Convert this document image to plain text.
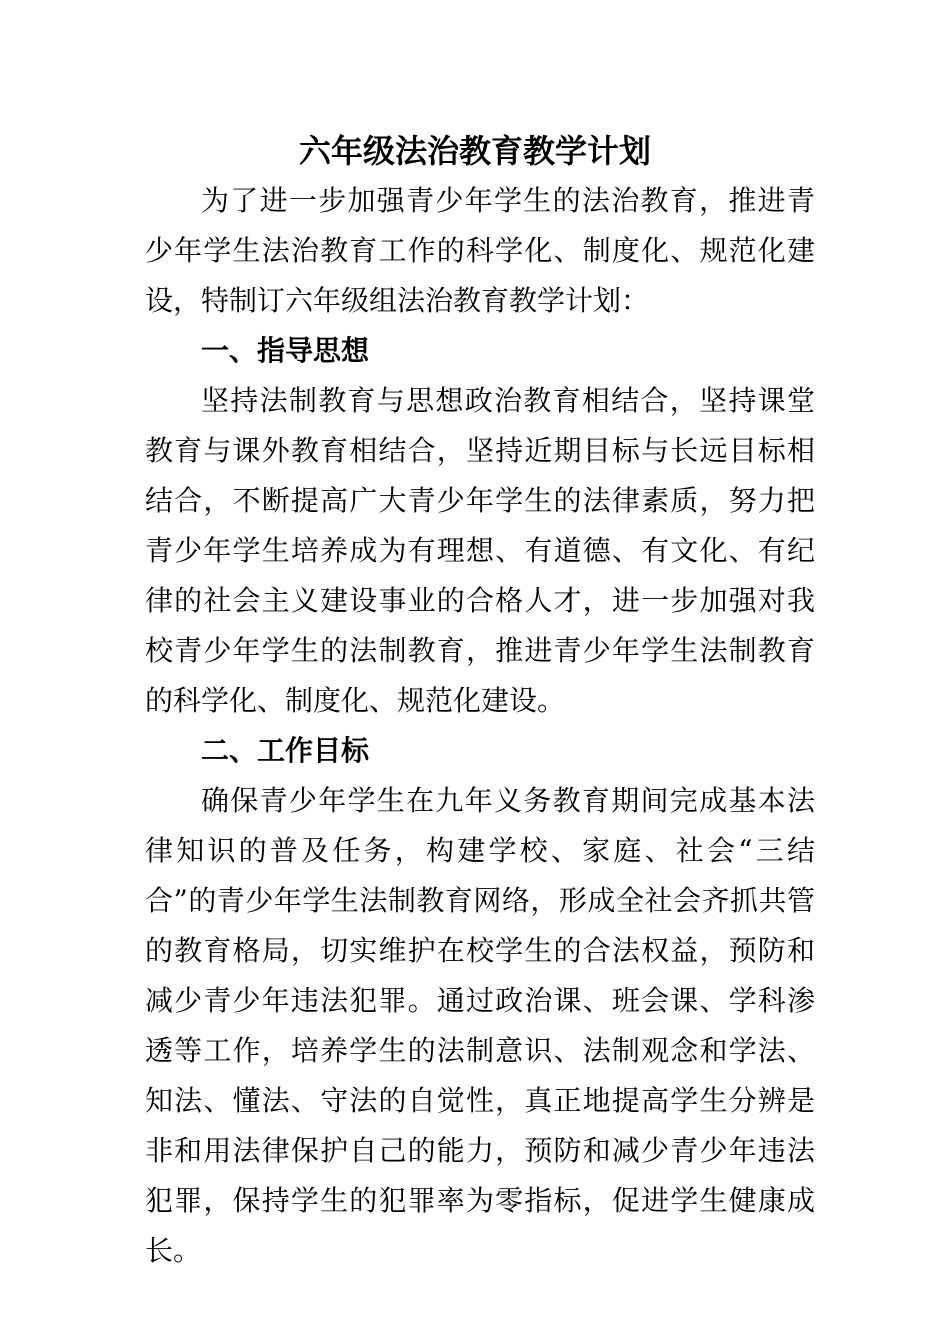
六年级法治教育教学计划

为了进一步加强青少年学生的法治教育，推进青少年学生法治教育工作的科学化、制度化、规范化建设，特制订六年级组法治教育教学计划：

一、指导思想

坚持法制教育与思想政治教育相结合，坚持课堂教育与课外教育相结合，坚持近期目标与长远目标相结合，不断提高广大青少年学生的法律素质，努力把青少年学生培养成为有理想、有道德、有文化、有纪律的社会主义建设事业的合格人才，进一步加强对我校青少年学生的法制教育，推进青少年学生法制教育的科学化、制度化、规范化建设。

二、工作目标

确保青少年学生在九年义务教育期间完成基本法律知识的普及任务，构建学校、家庭、社会“三结合”的青少年学生法制教育网络，形成全社会齐抓共管的教育格局，切实维护在校学生的合法权益，预防和减少青少年违法犯罪。通过政治课、班会课、学科渗透等工作，培养学生的法制意识、法制观念和学法、知法、懂法、守法的自觉性，真正地提高学生分辨是非和用法律保护自己的能力，预防和减少青少年违法犯罪，保持学生的犯罪率为零指标，促进学生健康成长。
